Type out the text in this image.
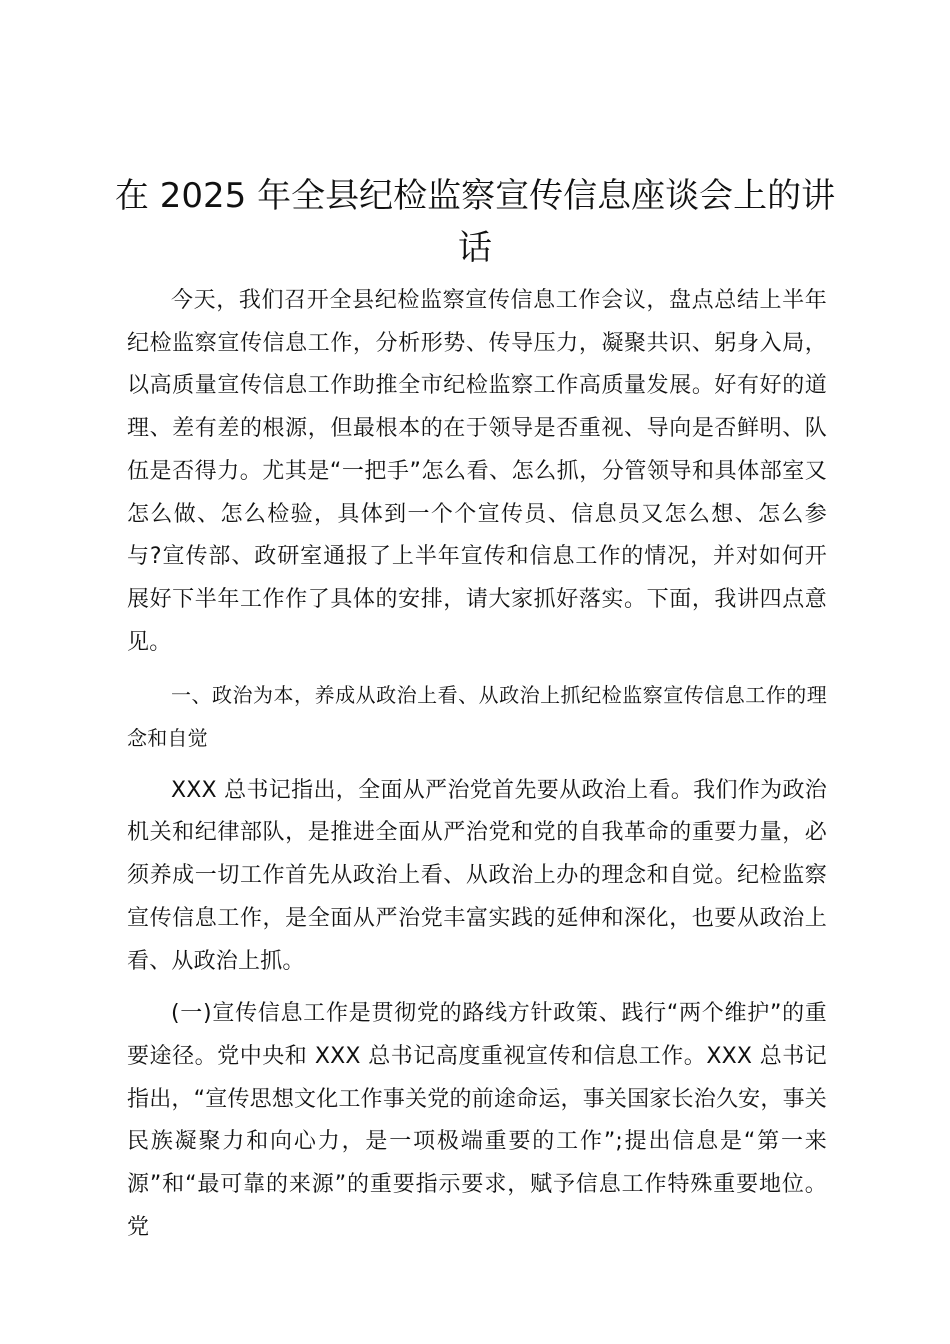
在 2025 年全县纪检监察宣传信息座谈会上的讲话

今天，我们召开全县纪检监察宣传信息工作会议，盘点总结上半年纪检监察宣传信息工作，分析形势、传导压力，凝聚共识、躬身入局，以高质量宣传信息工作助推全市纪检监察工作高质量发展。好有好的道理、差有差的根源，但最根本的在于领导是否重视、导向是否鲜明、队伍是否得力。尤其是“一把手”怎么看、怎么抓，分管领导和具体部室又怎么做、怎么检验，具体到一个个宣传员、信息员又怎么想、怎么参与?宣传部、政研室通报了上半年宣传和信息工作的情况，并对如何开展好下半年工作作了具体的安排，请大家抓好落实。下面，我讲四点意见。

一、政治为本，养成从政治上看、从政治上抓纪检监察宣传信息工作的理念和自觉

XXX 总书记指出，全面从严治党首先要从政治上看。我们作为政治机关和纪律部队，是推进全面从严治党和党的自我革命的重要力量，必须养成一切工作首先从政治上看、从政治上办的理念和自觉。纪检监察宣传信息工作，是全面从严治党丰富实践的延伸和深化，也要从政治上看、从政治上抓。

(一)宣传信息工作是贯彻党的路线方针政策、践行“两个维护”的重要途径。党中央和 XXX 总书记高度重视宣传和信息工作。XXX 总书记指出，“宣传思想文化工作事关党的前途命运，事关国家长治久安，事关民族凝聚力和向心力，是一项极端重要的工作”;提出信息是“第一来源”和“最可靠的来源”的重要指示要求，赋予信息工作特殊重要地位。党
